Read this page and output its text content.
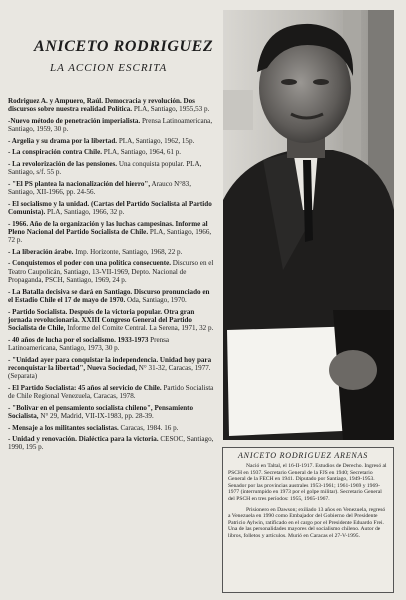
ANICETO RODRIGUEZ
LA ACCION ESCRITA

Rodriguez A. y Ampuero, Raúl. Democracia y revolución. Dos discursos sobre nuestra realidad Política. PLA, Santiago, 1955,53 p.

-Nuevo método de penetración imperialista. Prensa Latinoamericana, Santiago, 1959, 30 p.

- Argelia y su drama por la libertad. PLA, Santiago, 1962, 15p.

- La conspiración contra Chile. PLA, Santiago, 1964, 61 p.

- La revolorización de las pensiones. Una conquista popular. PLA, Santiago, s/f. 55 p.

- "El PS plantea la nacionalización del hierro", Arauco N°83, Santiago, XII-1966, pp. 24-56.

- El socialismo y la unidad. (Cartas del Partido Socialista al Partido Comunista). PLA, Santiago, 1966, 32 p.

- 1966. Año de la organización y las luchas campesinas. Informe al Pleno Nacional del Partido Socialista de Chile. PLA, Santiago, 1966, 72 p.

- La liberación árabe. Imp. Horizonte, Santiago, 1968, 22 p.

- Conquistemos el poder con una política consecuente. Discurso en el Teatro Caupolicán, Santiago, 13-VII-1969, Depto. Nacional de Propaganda, PSCH, Santiago, 1969, 24 p.

- La Batalla decisiva se dará en Santiago. Discurso pronunciado en el Estadio Chile el 17 de mayo de 1970. Oda, Santiago, 1970.

- Partido Socialista. Después de la victoria popular. Otra gran jornada revolucionaria. XXIII Congreso General del Partido Socialista de Chile, Informe del Comite Central. La Serena, 1971, 32 p.

- 40 años de lucha por el socialismo. 1933-1973 Prensa Latinoamericana, Santiago, 1973, 30 p.

- "Unidad ayer para conquistar la independencia. Unidad hoy para reconquistar la libertad", Nueva Sociedad, N° 31-32, Caracas, 1977. (Separata)

- El Partido Socialista: 45 años al servicio de Chile. Partido Socialista de Chile Regional Venezuela, Caracas, 1978.

- "Bolivar en el pensamiento socialista chileno", Pensamiento Socialista, N° 29, Madrid, VII-IX-1983, pp. 28-39.

- Mensaje a los militantes socialistas. Caracas, 1984. 16 p.

- Unidad y renovación. Dialéctica para la victoria. CESOC, Santiago, 1990, 195 p.

ANICETO RODRIGUEZ ARENAS

Nació en Taltal, el 16-II-1917. Estudios de Derecho. Ingresó al PSCH en 1937. Secretario General de la FJS en 1940; Secretario General de la FECH en 1941. Diputado por Santiago, 1949-1953. Senador por las provincias australes 1953-1961; 1961-1969 y 1969-1977 (interrumpido en 1973 por el golpe militar). Secretario General del PSCH en tres períodos: 1955, 1965-1967.

Prisionero en Dawson; exiliado 13 años en Venezuela, regresó a Venezuela en 1990 como Embajador del Gobierno del Presidente Patricio Aylwin, ratificado en el cargo por el Presidente Eduardo Frei. Una de las personalidades mayores del socialismo chileno. Autor de libros, folletos y artículos. Murió en Caracas el 27-V-1995.
